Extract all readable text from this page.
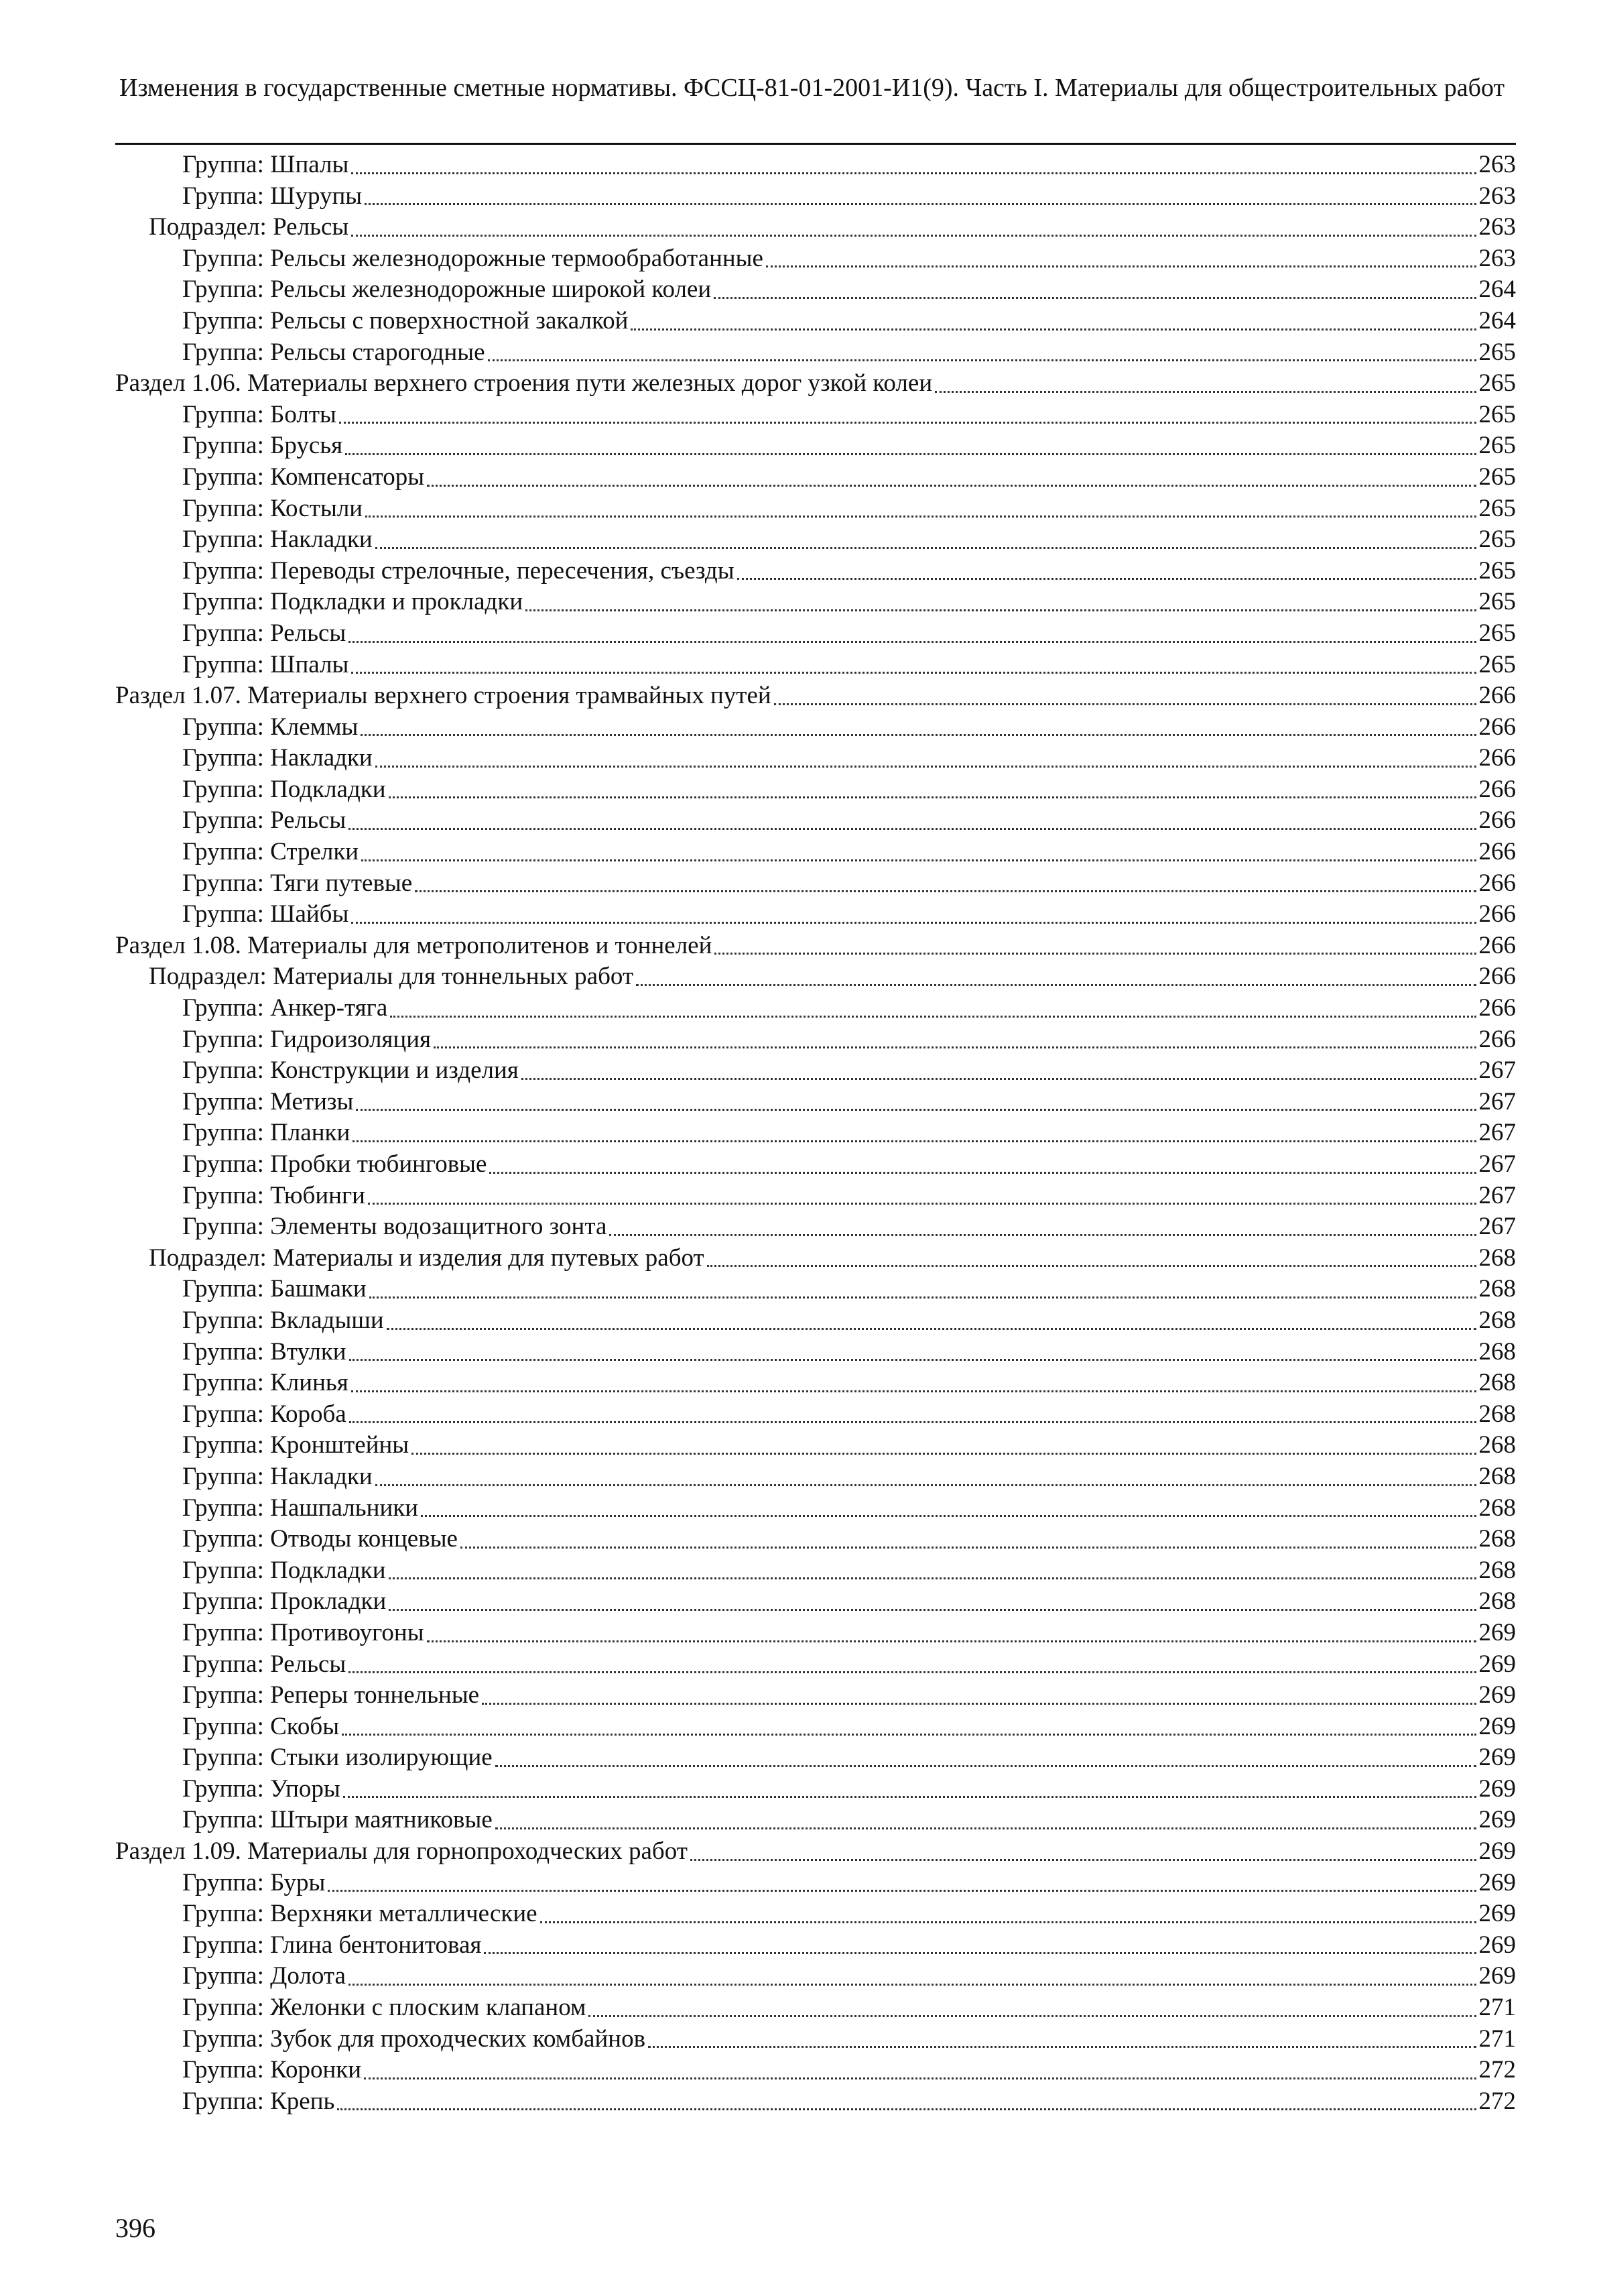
Изменения в государственные сметные нормативы. ФССЦ-81-01-2001-И1(9). Часть I. Материалы для общестроительных работ
Группа: Шпалы	263
Группа: Шурупы	263
Подраздел: Рельсы	263
Группа: Рельсы железнодорожные термообработанные	263
Группа: Рельсы железнодорожные широкой колеи	264
Группа: Рельсы с поверхностной закалкой	264
Группа: Рельсы старогодные	265
Раздел 1.06. Материалы верхнего строения пути железных дорог узкой колеи	265
Группа: Болты	265
Группа: Брусья	265
Группа: Компенсаторы	265
Группа: Костыли	265
Группа: Накладки	265
Группа: Переводы стрелочные, пересечения, съезды	265
Группа: Подкладки и прокладки	265
Группа: Рельсы	265
Группа: Шпалы	265
Раздел 1.07. Материалы верхнего строения трамвайных путей	266
Группа: Клеммы	266
Группа: Накладки	266
Группа: Подкладки	266
Группа: Рельсы	266
Группа: Стрелки	266
Группа: Тяги путевые	266
Группа: Шайбы	266
Раздел 1.08. Материалы для метрополитенов и тоннелей	266
Подраздел: Материалы для тоннельных работ	266
Группа: Анкер-тяга	266
Группа: Гидроизоляция	266
Группа: Конструкции и изделия	267
Группа: Метизы	267
Группа: Планки	267
Группа: Пробки тюбинговые	267
Группа: Тюбинги	267
Группа: Элементы водозащитного зонта	267
Подраздел: Материалы и изделия для путевых работ	268
Группа: Башмаки	268
Группа: Вкладыши	268
Группа: Втулки	268
Группа: Клинья	268
Группа: Короба	268
Группа: Кронштейны	268
Группа: Накладки	268
Группа: Нашпальники	268
Группа: Отводы концевые	268
Группа: Подкладки	268
Группа: Прокладки	268
Группа: Противоугоны	269
Группа: Рельсы	269
Группа: Реперы тоннельные	269
Группа: Скобы	269
Группа: Стыки изолирующие	269
Группа: Упоры	269
Группа: Штыри маятниковые	269
Раздел 1.09. Материалы для горнопроходческих работ	269
Группа: Буры	269
Группа: Верхняки металлические	269
Группа: Глина бентонитовая	269
Группа: Долота	269
Группа: Желонки с плоским клапаном	271
Группа: Зубок для проходческих комбайнов	271
Группа: Коронки	272
Группа: Крепь	272
396
